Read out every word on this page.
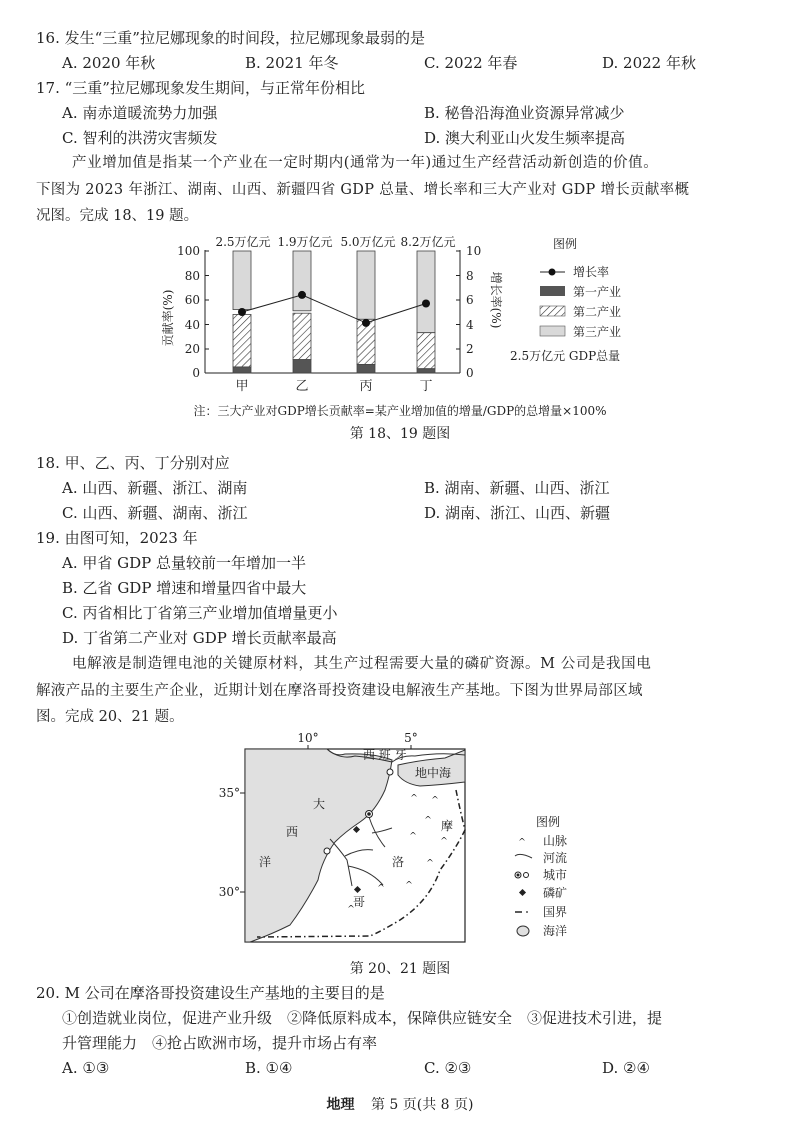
16. 发生“三重”拉尼娜现象的时间段，拉尼娜现象最弱的是
A. 2020 年秋	B. 2021 年冬	C. 2022 年春	D. 2022 年秋
17. “三重”拉尼娜现象发生期间，与正常年份相比
A. 南赤道暖流势力加强	B. 秘鲁沿海渔业资源异常减少
C. 智利的洪涝灾害频发	D. 澳大利亚山火发生频率提高
产业增加值是指某一个产业在一定时期内(通常为一年)通过生产经营活动新创造的价值。
下图为 2023 年浙江、湖南、山西、新疆四省 GDP 总量、增长率和三大产业对 GDP 增长贡献率概
况图。完成 18、19 题。
0
20
40
60
80
100
0
2
4
6
8
10
贡献率(%)	增长率(%)
2.5万亿元 1.9万亿元 5.0万亿元 8.2万亿元
甲	乙	丙	丁
图例
增长率
第一产业
第二产业
第三产业
2.5万亿元 GDP总量
注：三大产业对GDP增长贡献率=某产业增加值的增量/GDP的总增量×100%
第 18、19 题图
18. 甲、乙、丙、丁分别对应
A. 山西、新疆、浙江、湖南	B. 湖南、新疆、山西、浙江
C. 山西、新疆、湖南、浙江	D. 湖南、浙江、山西、新疆
19. 由图可知，2023 年
A. 甲省 GDP 总量较前一年增加一半
B. 乙省 GDP 增速和增量四省中最大
C. 丙省相比丁省第三产业增加值增量更小
D. 丁省第二产业对 GDP 增长贡献率最高
电解液是制造锂电池的关键原材料，其生产过程需要大量的磷矿资源。M 公司是我国电
解液产品的主要生产企业，近期计划在摩洛哥投资建设电解液生产基地。下图为世界局部区域
图。完成 20、21 题。
10°	5°
35°
30°
^
^
^	^
^
^
^
^
^
西 班 牙
地中海
大
西
洋
摩
洛
哥
图例
^ 山脉
河流
城市
磷矿
国界
海洋
第 20、21 题图
20. M 公司在摩洛哥投资建设生产基地的主要目的是
①创造就业岗位，促进产业升级　②降低原料成本，保障供应链安全　③促进技术引进，提
升管理能力　④抢占欧洲市场，提升市场占有率
A. ①③	B. ①④	C. ②③	D. ②④
地理 第 5 页(共 8 页)
